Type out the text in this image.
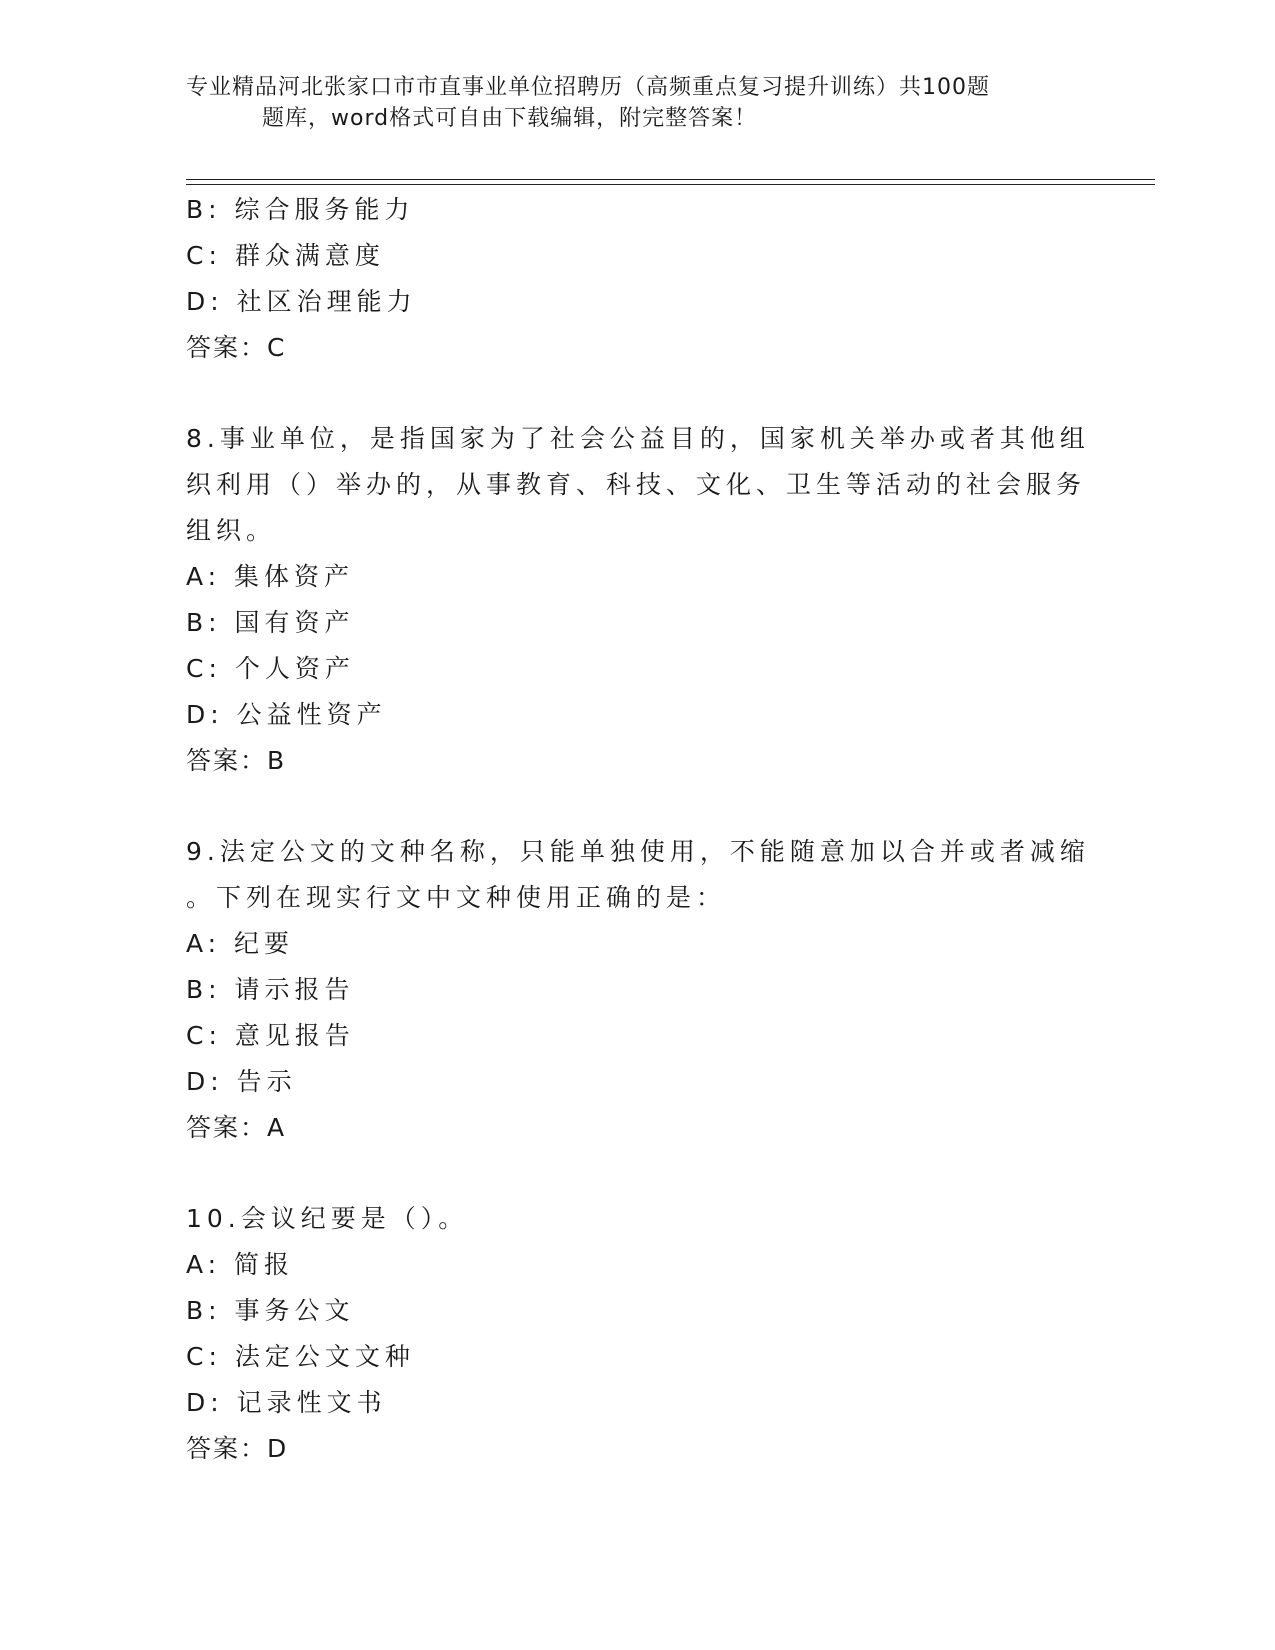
专业精品河北张家口市市直事业单位招聘历（高频重点复习提升训练）共100题
题库，word格式可自由下载编辑，附完整答案！
B: 综合服务能力
C: 群众满意度
D: 社区治理能力
答案：C
8.事业单位，是指国家为了社会公益目的，国家机关举办或者其他组
织利用（）举办的，从事教育、科技、文化、卫生等活动的社会服务
组织。
A: 集体资产
B: 国有资产
C: 个人资产
D: 公益性资产
答案：B
9.法定公文的文种名称，只能单独使用，不能随意加以合并或者减缩
。下列在现实行文中文种使用正确的是：
A: 纪要
B: 请示报告
C: 意见报告
D: 告示
答案：A
10.会议纪要是（）。
A: 简报
B: 事务公文
C: 法定公文文种
D: 记录性文书
答案：D
